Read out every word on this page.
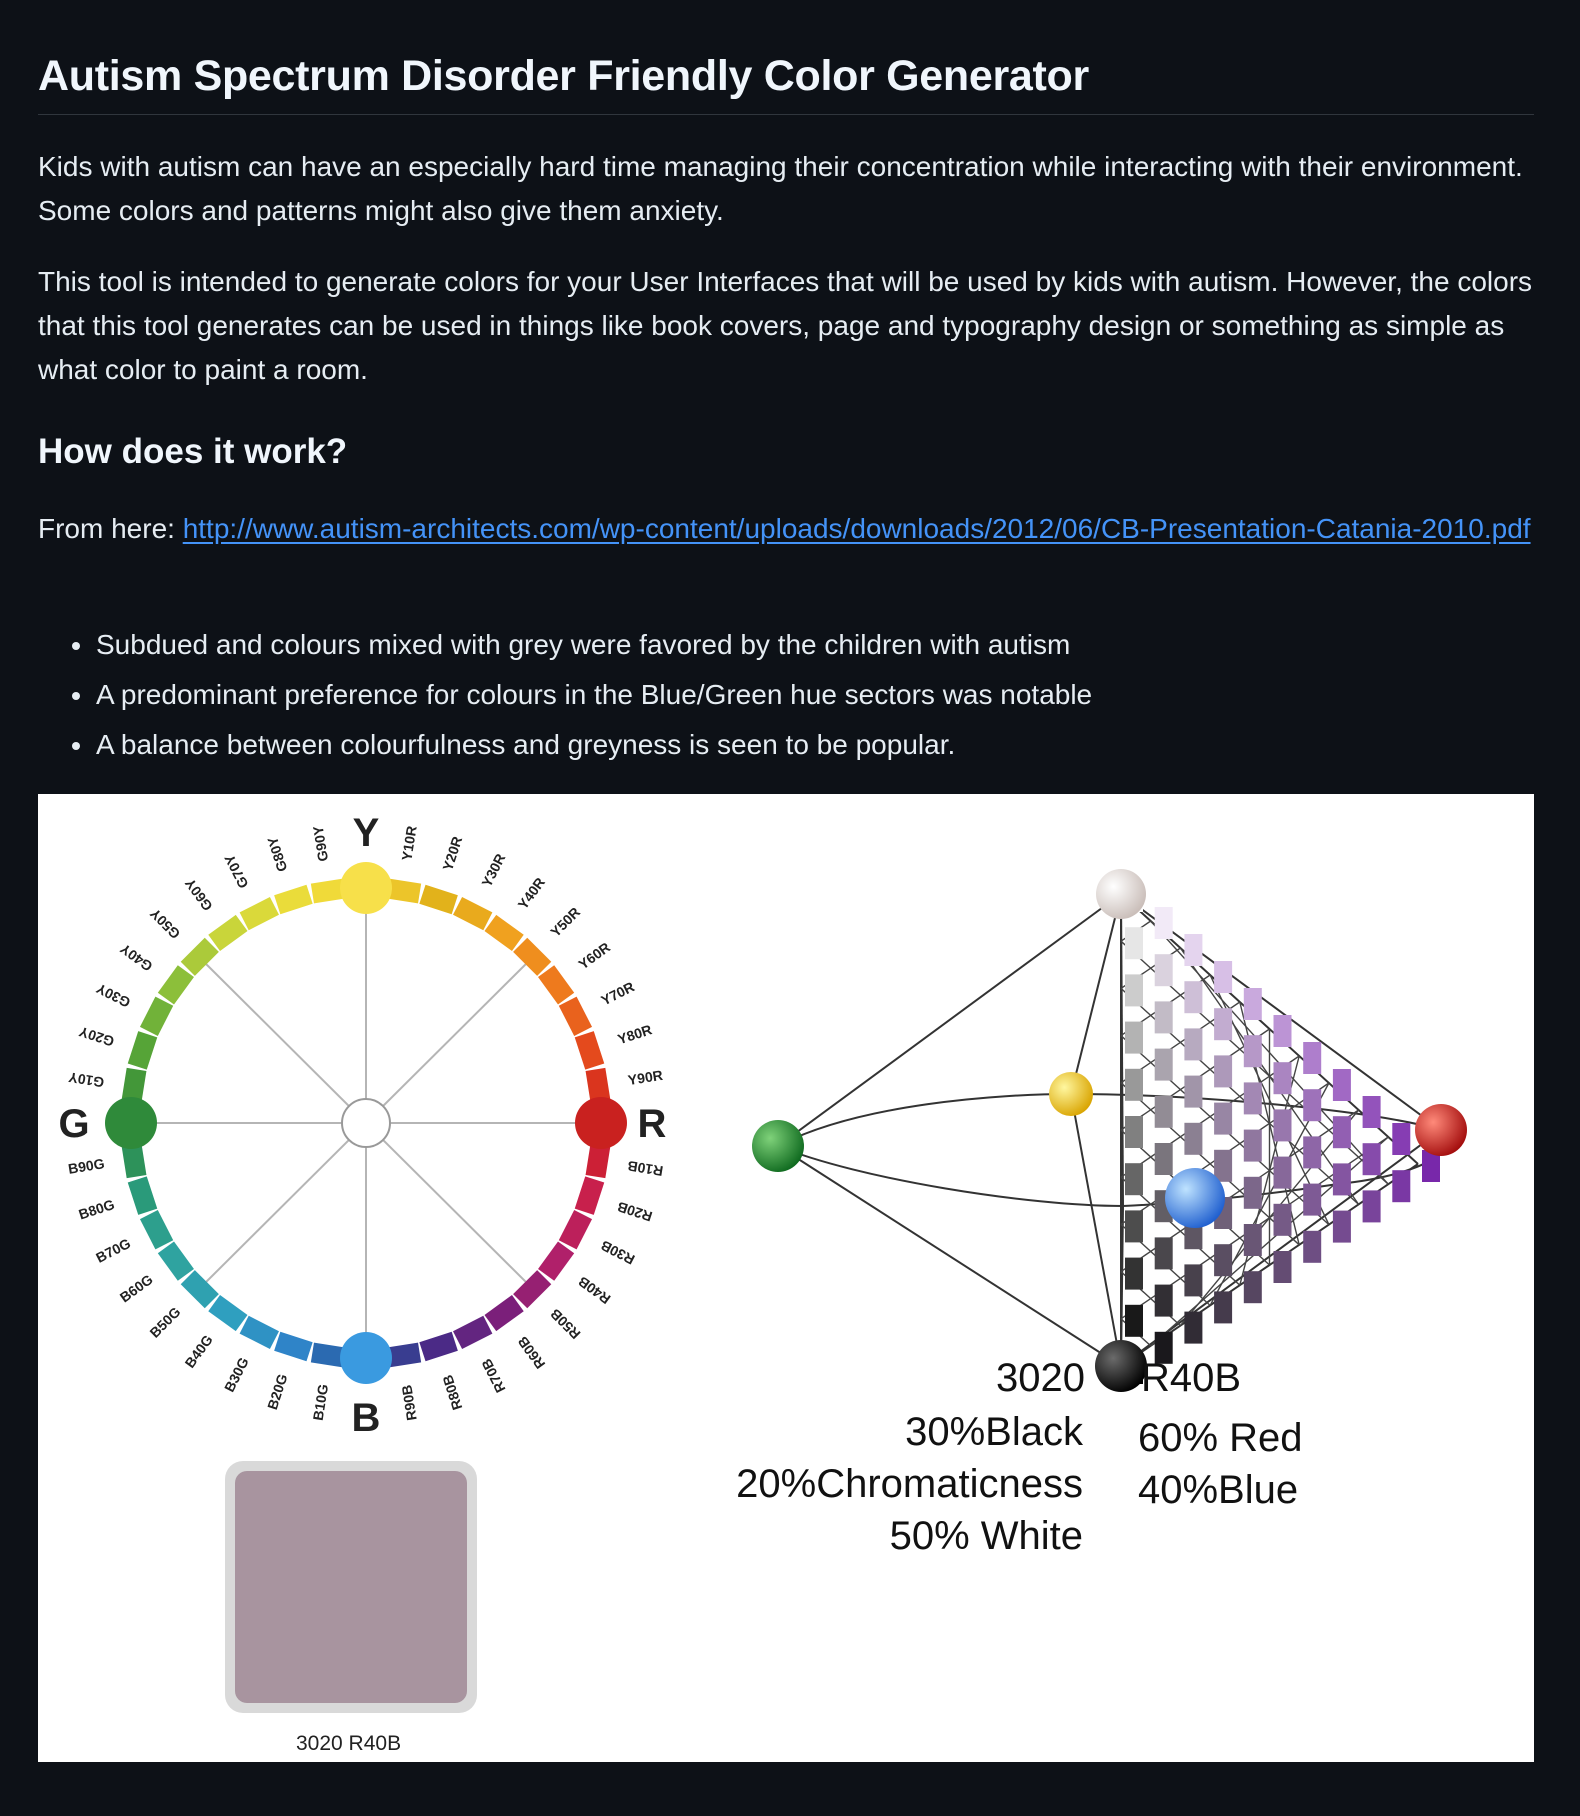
Autism Spectrum Disorder Friendly Color Generator

Kids with autism can have an especially hard time managing their concentration while interacting with their environment. Some colors and patterns might also give them anxiety.

This tool is intended to generate colors for your User Interfaces that will be used by kids with autism. However, the colors that this tool generates can be used in things like book covers, page and typography design or something as simple as what color to paint a room.

How does it work?

From here: http://www.autism-architects.com/wp-content/uploads/downloads/2012/06/CB-Presentation-Catania-2010.pdf

Subdued and colours mixed with grey were favored by the children with autism
A predominant preference for colours in the Blue/Green hue sectors was notable
A balance between colourfulness and greyness is seen to be popular.
Y10R Y20R Y30R
Y40R
Y50R
Y60R
Y70R
Y80R
Y90R
R10B
R20B
R30B
R40B
R50B
R60B
R70B
R80B
R90B
B10G
B20G
B30G
B40G
B50G
B60G
B70G
B80G
B90G
G10Y
G20Y
G30Y
G40Y
G50Y
G60Y
G70Y G80Y G90Y Y
R
B
G
3020 R40B
3020 R40B
30%Black
20%Chromaticness
50% White
60% Red
40%Blue
